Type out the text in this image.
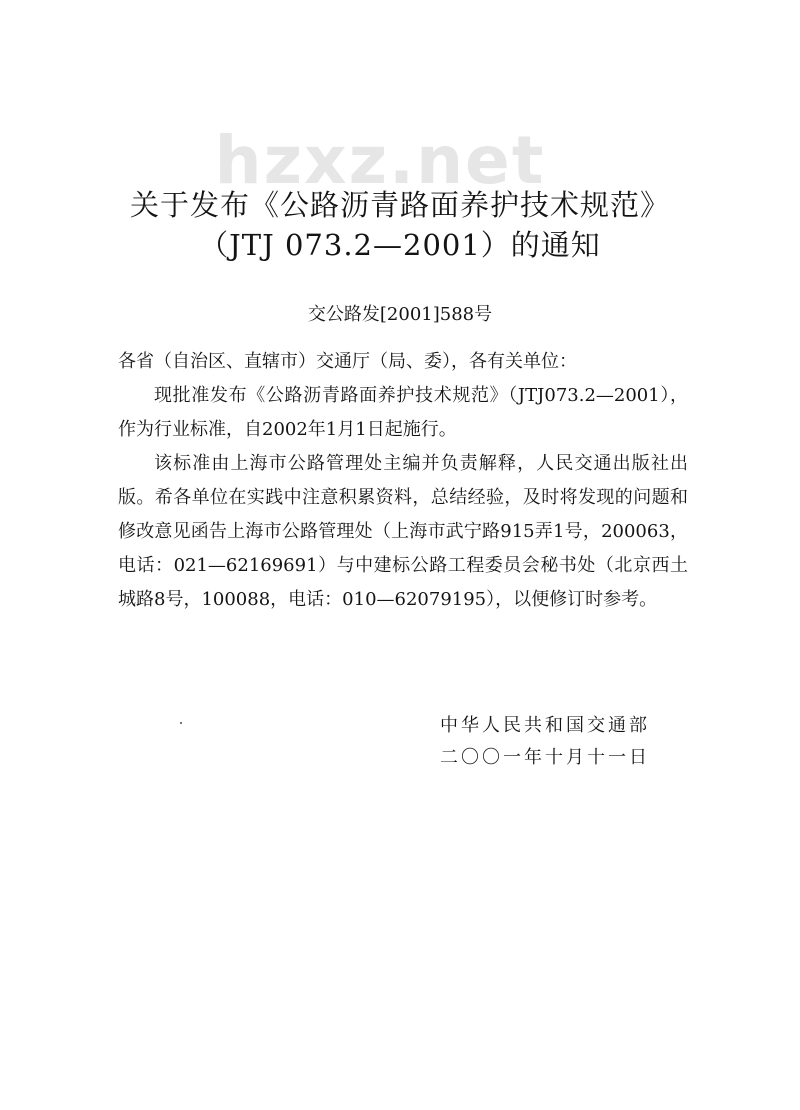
hzxz.net
关于发布《公路沥青路面养护技术规范》
（JTJ 073.2—2001）的通知
交公路发[2001]588号

各省（自治区、直辖市）交通厅（局、委），各有关单位：

现批准发布《公路沥青路面养护技术规范》（JTJ073.2—2001），作为行业标准，自2002年1月1日起施行。

该标准由上海市公路管理处主编并负责解释，人民交通出版社出版。希各单位在实践中注意积累资料，总结经验，及时将发现的问题和修改意见函告上海市公路管理处（上海市武宁路915弄1号，200063，电话：021—62169691）与中建标公路工程委员会秘书处（北京西土城路8号，100088，电话：010—62079195），以便修订时参考。

中华人民共和国交通部
二〇〇一年十月十一日
